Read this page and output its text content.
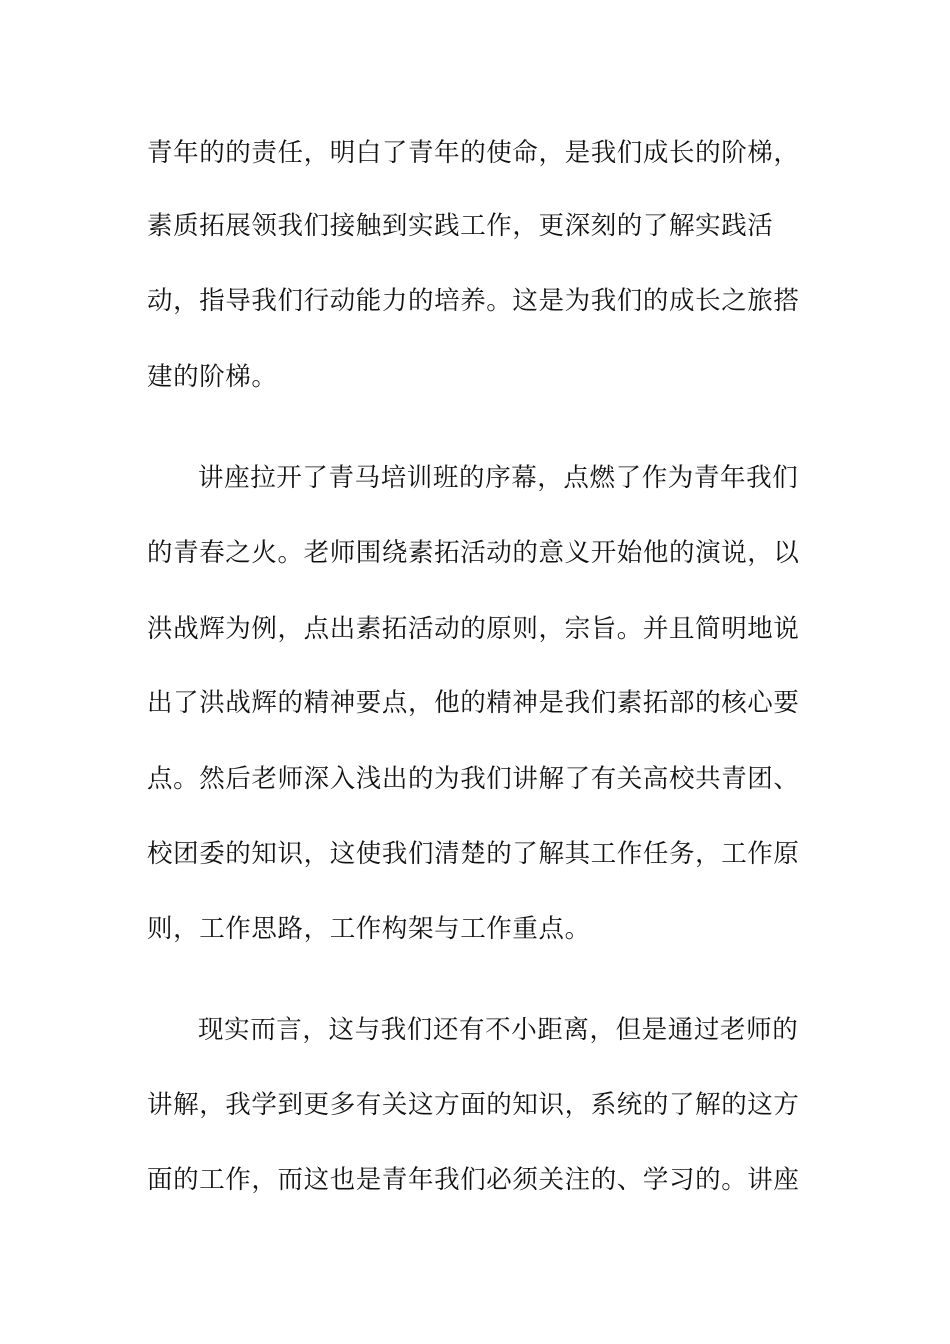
青年的的责任，明白了青年的使命，是我们成长的阶梯，
素质拓展领我们接触到实践工作，更深刻的了解实践活
动，指导我们行动能力的培养。这是为我们的成长之旅搭
建的阶梯。
讲座拉开了青马培训班的序幕，点燃了作为青年我们
的青春之火。老师围绕素拓活动的意义开始他的演说，以
洪战辉为例，点出素拓活动的原则，宗旨。并且简明地说
出了洪战辉的精神要点，他的精神是我们素拓部的核心要
点。然后老师深入浅出的为我们讲解了有关高校共青团、
校团委的知识，这使我们清楚的了解其工作任务，工作原
则，工作思路，工作构架与工作重点。
现实而言，这与我们还有不小距离，但是通过老师的
讲解，我学到更多有关这方面的知识，系统的了解的这方
面的工作，而这也是青年我们必须关注的、学习的。讲座
